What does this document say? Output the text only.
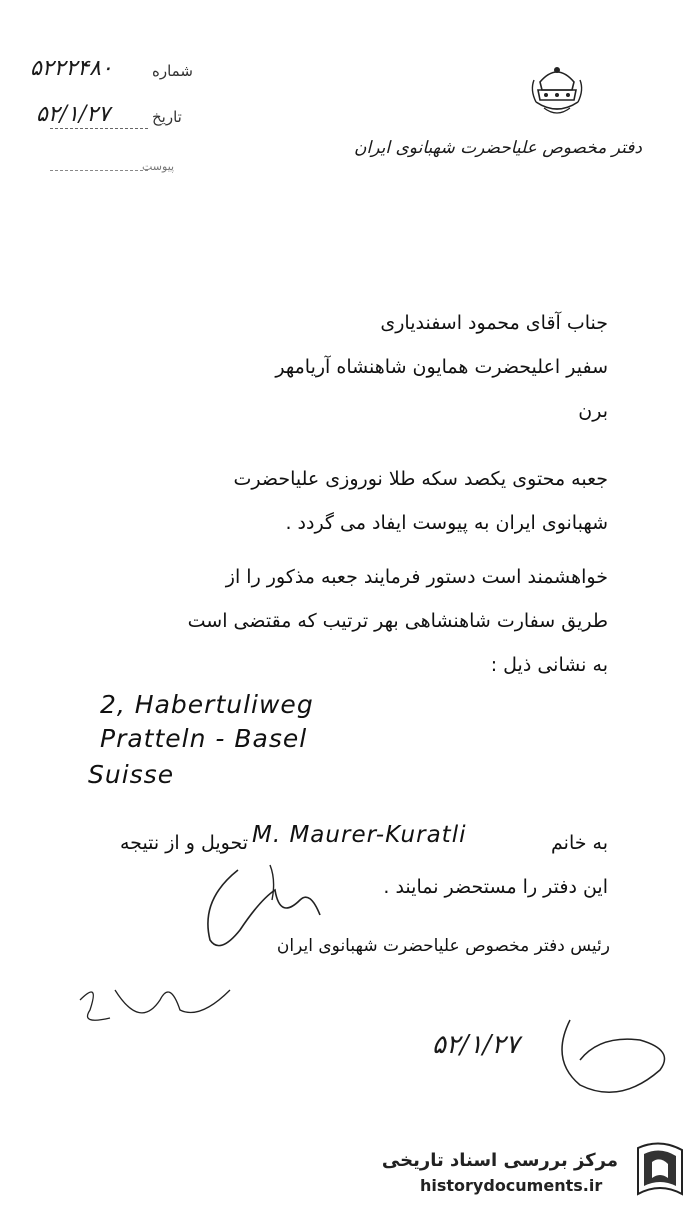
شماره
۵۲۲۲۴۸۰
تاریخ
۵۲/۱/۲۷
پیوست
دفتر مخصوص علیاحضرت شهبانوی ایران
جناب آقای محمود اسفندیاری
سفیر اعلیحضرت همایون شاهنشاه آریامهر
برن
جعبه محتوی یکصد سکه طلا نوروزی علیاحضرت
شهبانوی ایران به پیوست ایفاد می گردد .
خواهشمند است دستور فرمایند جعبه مذکور را از
طریق سفارت شاهنشاهی بهر ترتیب که مقتضی است
به نشانی ذیل :
2, Habertuliweg
Pratteln - Basel
Suisse
به خانم
M. Maurer-Kuratli
تحویل و از نتیجه
این دفتر را مستحضر نمایند .
رئیس دفتر مخصوص علیاحضرت شهبانوی ایران
۵۲/۱/۲۷
مرکز بررسی اسناد تاریخی
historydocuments.ir
